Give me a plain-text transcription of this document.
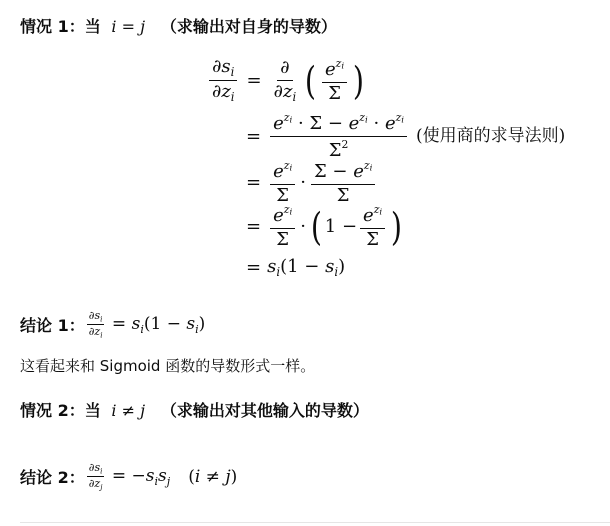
情况 1：当 i = j （求输出对自身的导数）
$\frac{\partial s_i}{\partial z_i} = \frac{\partial}{\partial z_i}$ ( $\frac{e^{zi}}{\Sigma}$ )
= $\frac{e^{zi} \cdot \Sigma - e^{zi} \cdot e^{zi}}{\Sigma^2}$ (使用商的求导法则)
= $\frac{e^{zi}}{\Sigma} \cdot \frac{\Sigma - e^{zi}}{\Sigma}$
= $\frac{e^{zi}}{\Sigma}$ · ( $1 - \frac{e^{zi}}{\Sigma}$ )
= $s_i(1 - s_i)$
结论 1： $\frac{\partial s_i}{\partial z_i} = s_i(1 - s_i)$
这看起来和 Sigmoid 函数的导数形式一样。
情况 2：当 i ≠ j （求输出对其他输入的导数）
结论 2： $\frac{\partial s_i}{\partial z_j} = -s_is_j$ (i ≠ j)
